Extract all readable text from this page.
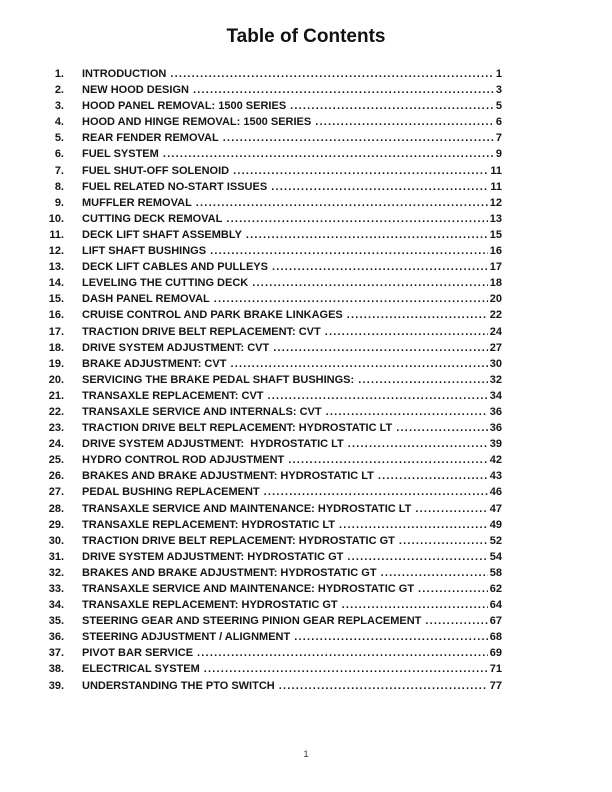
Table of Contents
1. INTRODUCTION .....	1
2. NEW HOOD DESIGN .....	3
3. HOOD PANEL REMOVAL: 1500 SERIES .....	5
4. HOOD AND HINGE REMOVAL: 1500 SERIES .....	6
5. REAR FENDER REMOVAL .....	7
6. FUEL SYSTEM .....	9
7. FUEL SHUT-OFF SOLENOID .....	11
8. FUEL RELATED NO-START ISSUES .....	11
9. MUFFLER REMOVAL .....	12
10. CUTTING DECK REMOVAL .....	13
11. DECK LIFT SHAFT ASSEMBLY .....	15
12. LIFT SHAFT BUSHINGS .....	16
13. DECK LIFT CABLES AND PULLEYS .....	17
14. LEVELING THE CUTTING DECK .....	18
15. DASH PANEL REMOVAL .....	20
16. CRUISE CONTROL AND PARK BRAKE LINKAGES .....	22
17. TRACTION DRIVE BELT REPLACEMENT: CVT .....	24
18. DRIVE SYSTEM ADJUSTMENT: CVT .....	27
19. BRAKE ADJUSTMENT: CVT .....	30
20. SERVICING THE BRAKE PEDAL SHAFT BUSHINGS: .....	32
21. TRANSAXLE REPLACEMENT: CVT .....	34
22. TRANSAXLE SERVICE AND INTERNALS: CVT .....	36
23. TRACTION DRIVE BELT REPLACEMENT: HYDROSTATIC LT .....	36
24. DRIVE SYSTEM ADJUSTMENT:  HYDROSTATIC LT .....	39
25. HYDRO CONTROL ROD ADJUSTMENT .....	42
26. BRAKES AND BRAKE ADJUSTMENT: HYDROSTATIC LT .....	43
27. PEDAL BUSHING REPLACEMENT .....	46
28. TRANSAXLE SERVICE AND MAINTENANCE: HYDROSTATIC LT .....	47
29. TRANSAXLE REPLACEMENT: HYDROSTATIC LT .....	49
30. TRACTION DRIVE BELT REPLACEMENT: HYDROSTATIC GT .....	52
31. DRIVE SYSTEM ADJUSTMENT: HYDROSTATIC GT .....	54
32. BRAKES AND BRAKE ADJUSTMENT: HYDROSTATIC GT .....	58
33. TRANSAXLE SERVICE AND MAINTENANCE: HYDROSTATIC GT .....	62
34. TRANSAXLE REPLACEMENT: HYDROSTATIC GT .....	64
35. STEERING GEAR AND STEERING PINION GEAR REPLACEMENT .....	67
36. STEERING ADJUSTMENT / ALIGNMENT .....	68
37. PIVOT BAR SERVICE .....	69
38. ELECTRICAL SYSTEM .....	71
39. UNDERSTANDING THE PTO SWITCH .....	77
1
